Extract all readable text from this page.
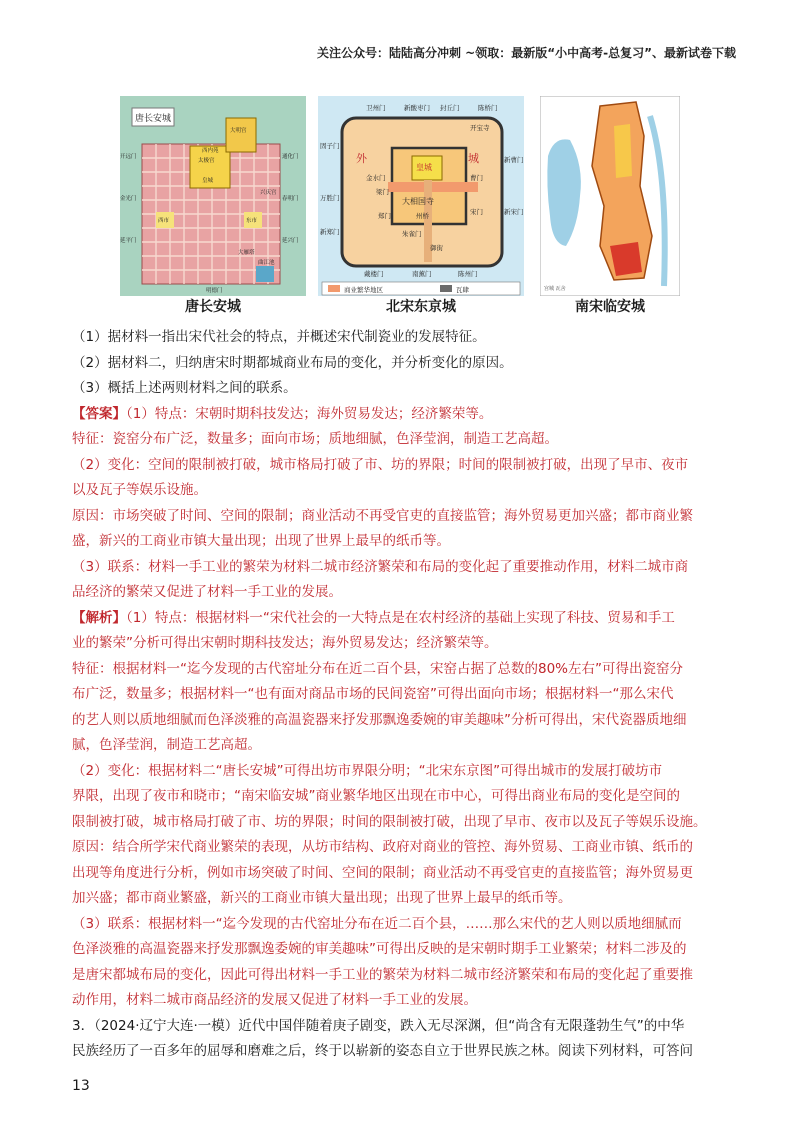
关注公众号：陆陆高分冲刺 ~领取：最新版“小中高考-总复习”、最新试卷下载
唐长安城
大明宫
太极宫
西内苑
皇城
兴庆宫
西市	东市
开远门
金光门
延平门
通化门
春明门
延兴门
明德门
大雁塔
曲江池
唐长安城
卫州门	新酸枣门 封丘门	陈桥门
开宝寺
固子门
外	城
皇城
金水门
新曹门
曹门
梁门
大相国寺
万胜门
新宋门
郑门	州桥	宋门
新郑门	朱雀门
御街
戴楼门	南薰门	陈州门
商业繁华地区	瓦肆
北宋东京城
宫城 瓦舍
南宋临安城
（1）据材料一指出宋代社会的特点，并概述宋代制瓷业的发展特征。
（2）据材料二，归纳唐宋时期都城商业布局的变化，并分析变化的原因。
（3）概括上述两则材料之间的联系。
【答案】（1）特点：宋朝时期科技发达；海外贸易发达；经济繁荣等。
特征：瓷窑分布广泛，数量多；面向市场；质地细腻，色泽莹润，制造工艺高超。
（2）变化：空间的限制被打破，城市格局打破了市、坊的界限；时间的限制被打破，出现了早市、夜市
以及瓦子等娱乐设施。
原因：市场突破了时间、空间的限制；商业活动不再受官吏的直接监管；海外贸易更加兴盛；都市商业繁
盛，新兴的工商业市镇大量出现；出现了世界上最早的纸币等。
（3）联系：材料一手工业的繁荣为材料二城市经济繁荣和布局的变化起了重要推动作用，材料二城市商
品经济的繁荣又促进了材料一手工业的发展。
【解析】（1）特点：根据材料一“宋代社会的一大特点是在农村经济的基础上实现了科技、贸易和手工
业的繁荣”分析可得出宋朝时期科技发达；海外贸易发达；经济繁荣等。
特征：根据材料一“迄今发现的古代窑址分布在近二百个县，宋窑占据了总数的80%左右”可得出瓷窑分
布广泛，数量多；根据材料一“也有面对商品市场的民间瓷窑”可得出面向市场；根据材料一“那么宋代
的艺人则以质地细腻而色泽淡雅的高温瓷器来抒发那飘逸委婉的审美趣味”分析可得出，宋代瓷器质地细
腻，色泽莹润，制造工艺高超。
（2）变化：根据材料二“唐长安城”可得出坊市界限分明；“北宋东京图”可得出城市的发展打破坊市
界限，出现了夜市和晓市；“南宋临安城”商业繁华地区出现在市中心，可得出商业布局的变化是空间的
限制被打破，城市格局打破了市、坊的界限；时间的限制被打破，出现了早市、夜市以及瓦子等娱乐设施。
原因：结合所学宋代商业繁荣的表现，从坊市结构、政府对商业的管控、海外贸易、工商业市镇、纸币的
出现等角度进行分析，例如市场突破了时间、空间的限制；商业活动不再受官吏的直接监管；海外贸易更
加兴盛；都市商业繁盛，新兴的工商业市镇大量出现；出现了世界上最早的纸币等。
（3）联系：根据材料一“迄今发现的古代窑址分布在近二百个县，……那么宋代的艺人则以质地细腻而
色泽淡雅的高温瓷器来抒发那飘逸委婉的审美趣味”可得出反映的是宋朝时期手工业繁荣；材料二涉及的
是唐宋都城布局的变化，因此可得出材料一手工业的繁荣为材料二城市经济繁荣和布局的变化起了重要推
动作用，材料二城市商品经济的发展又促进了材料一手工业的发展。
3．（2024·辽宁大连·一模）近代中国伴随着庚子剧变，跌入无尽深渊，但“尚含有无限蓬勃生气”的中华
民族经历了一百多年的屈辱和磨难之后，终于以崭新的姿态自立于世界民族之林。阅读下列材料，可答问
13
